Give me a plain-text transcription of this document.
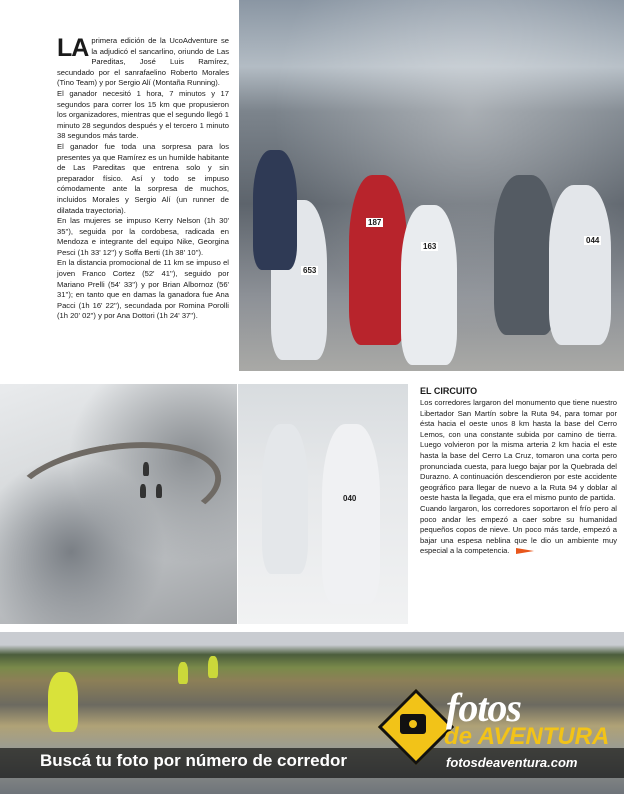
LA primera edición de la UcoAdventure se la adjudicó el sancarlino, oriundo de Las Pareditas, José Luis Ramírez, secundado por el sanrafaelino Roberto Morales (Tino Team) y por Sergio Alí (Montaña Running).

El ganador necesitó 1 hora, 7 minutos y 17 segundos para correr los 15 km que propusieron los organizadores, mientras que el segundo llegó 1 minuto 28 segundos después y el tercero 1 minuto 38 segundos más tarde.

El ganador fue toda una sorpresa para los presentes ya que Ramírez es un humilde habitante de Las Pareditas que entrena solo y sin preparador físico. Así y todo se impuso cómodamente ante la sorpresa de muchos, incluidos Morales y Sergio Alí (un runner de dilatada trayectoria).

En las mujeres se impuso Kerry Nelson (1h 30' 35''), seguida por la cordobesa, radicada en Mendoza e integrante del equipo Nike, Georgina Pesci (1h 33' 12'') y Soffa Berti (1h 38' 10'').

En la distancia promocional de 11 km se impuso el joven Franco Cortez (52' 41''), seguido por Mariano Prelli (54' 33'') y por Brian Albornoz (56' 31''); en tanto que en damas la ganadora fue Ana Pacci (1h 16' 22''), secundada por Romina Porolli (1h 20' 02'') y por Ana Dottori (1h 24' 37'').

187
163
044
653
040
EL CIRCUITO

Los corredores largaron del monumento que tiene nuestro Libertador San Martín sobre la Ruta 94, para tomar por ésta hacia el oeste unos 8 km hasta la base del Cerro Lemos, con una constante subida por camino de tierra. Luego volvieron por la misma arteria 2 km hacia el este hasta la base del Cerro La Cruz, tomaron una corta pero pronunciada cuesta, para luego bajar por la Quebrada del Durazno. A continuación descendieron por este accidente geográfico para llegar de nuevo a la Ruta 94 y doblar al oeste hasta la llegada, que era el mismo punto de partida.

Cuando largaron, los corredores soportaron el frío pero al poco andar les empezó a caer sobre su humanidad pequeños copos de nieve. Un poco más tarde, empezó a bajar una espesa neblina que le dio un ambiente muy especial a la competencia.

Buscá tu foto por número de corredor
fotos
de AVENTURA
fotosdeaventura.com
